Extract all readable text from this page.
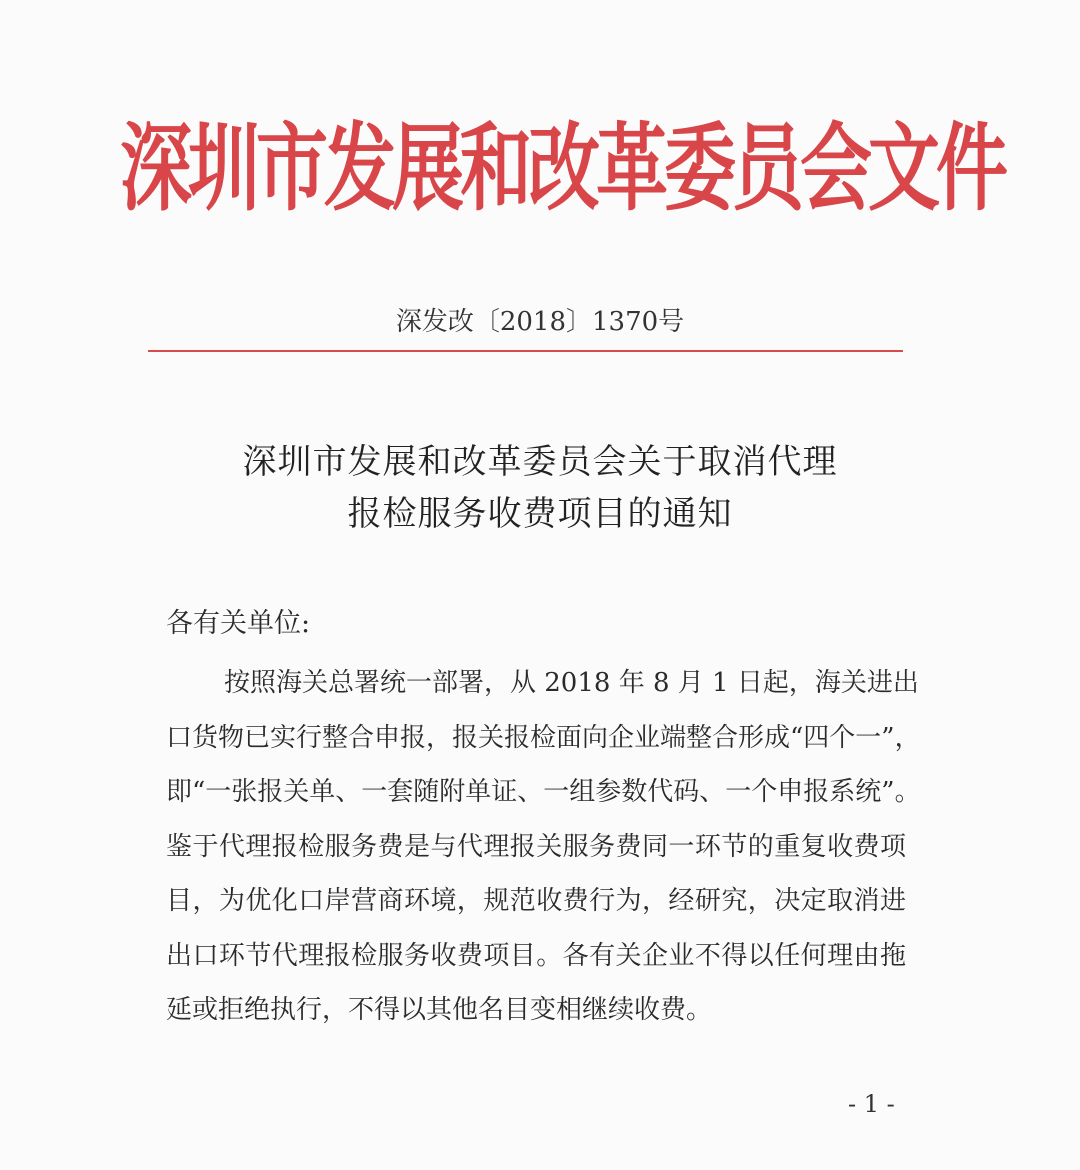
深圳市发展和改革委员会文件
深发改〔2018〕1370号
深圳市发展和改革委员会关于取消代理
报检服务收费项目的通知
各有关单位:
按照海关总署统一部署，从 2018 年 8 月 1 日起，海关进出
口货物已实行整合申报，报关报检面向企业端整合形成“四个一”，
即“一张报关单、一套随附单证、一组参数代码、一个申报系统”。
鉴于代理报检服务费是与代理报关服务费同一环节的重复收费项
目，为优化口岸营商环境，规范收费行为，经研究，决定取消进
出口环节代理报检服务收费项目。各有关企业不得以任何理由拖
延或拒绝执行，不得以其他名目变相继续收费。
- 1 -
